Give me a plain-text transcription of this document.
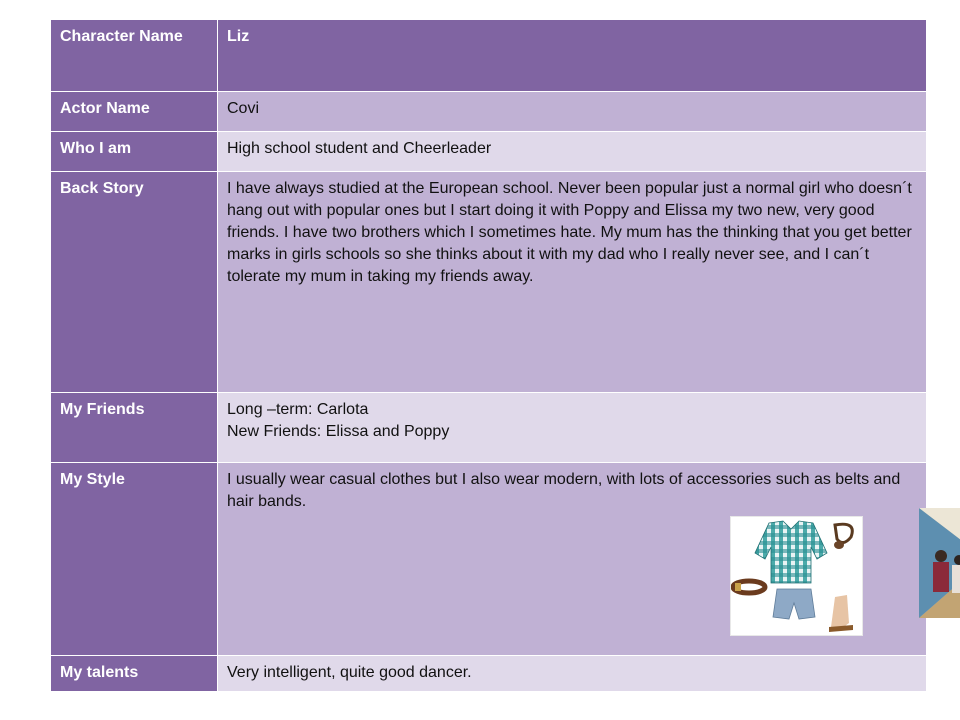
Character Name	Liz
Actor Name	Covi
Who I am	High school student and Cheerleader
Back Story	I have always studied at the European school. Never been popular just a normal girl who doesn´t hang out with popular ones but I start doing it with Poppy and Elissa my two new, very good friends. I have two brothers which I sometimes hate. My mum has the thinking that you get better marks in girls schools so she thinks about it with my dad who I really never see, and I can´t tolerate my mum in taking my friends away.
My Friends	Long –term: Carlota
New Friends: Elissa and Poppy

My Style	I usually wear casual clothes but I also wear modern, with lots of accessories such as belts and hair bands.

My talents	Very intelligent, quite good dancer.
